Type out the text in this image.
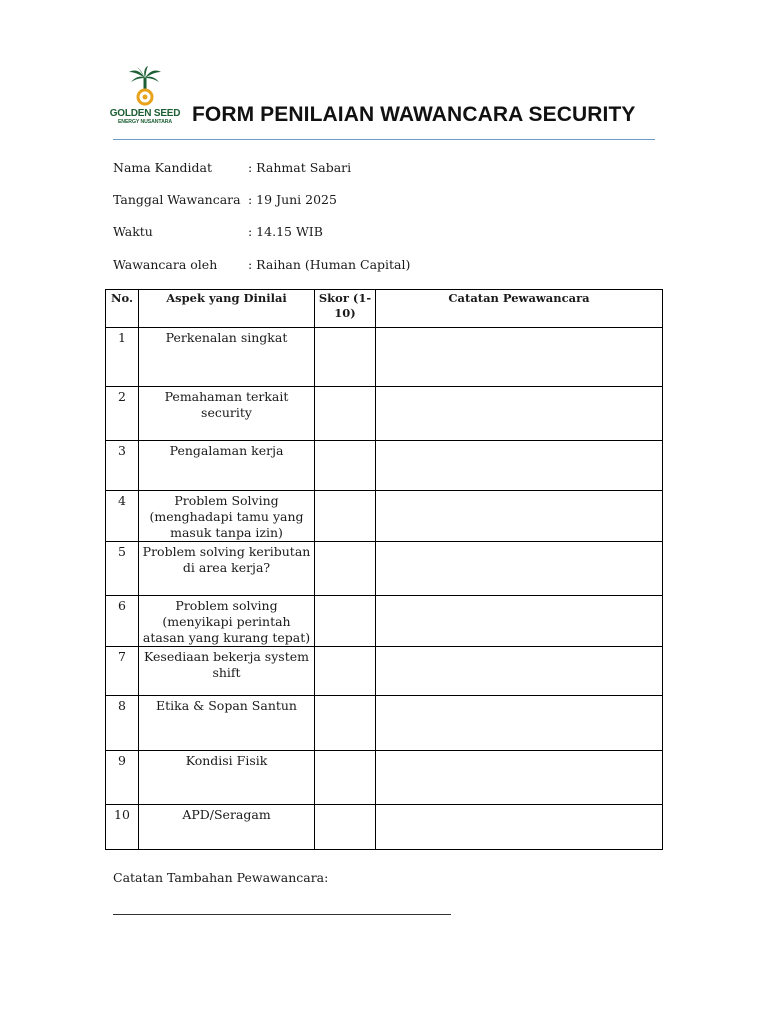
GOLDEN SEED
ENERGY NUSANTARA FORM PENILAIAN WAWANCARA SECURITY
Nama Kandidat	: Rahmat Sabari
Tanggal Wawancara : 19 Juni 2025
Waktu	: 14.15 WIB
Wawancara oleh : Raihan (Human Capital)
No.	Aspek yang Dinilai	Skor (1-10)	Catatan Pewawancara
1	Perkenalan singkat		
2	Pemahaman terkait security		
3	Pengalaman kerja		
4	Problem Solving (menghadapi tamu yang masuk tanpa izin)		
5	Problem solving keributan di area kerja?		
6	Problem solving (menyikapi perintah atasan yang kurang tepat)		
7	Kesediaan bekerja system shift		
8	Etika & Sopan Santun		
9	Kondisi Fisik		
10	APD/Seragam		
Catatan Tambahan Pewawancara:
